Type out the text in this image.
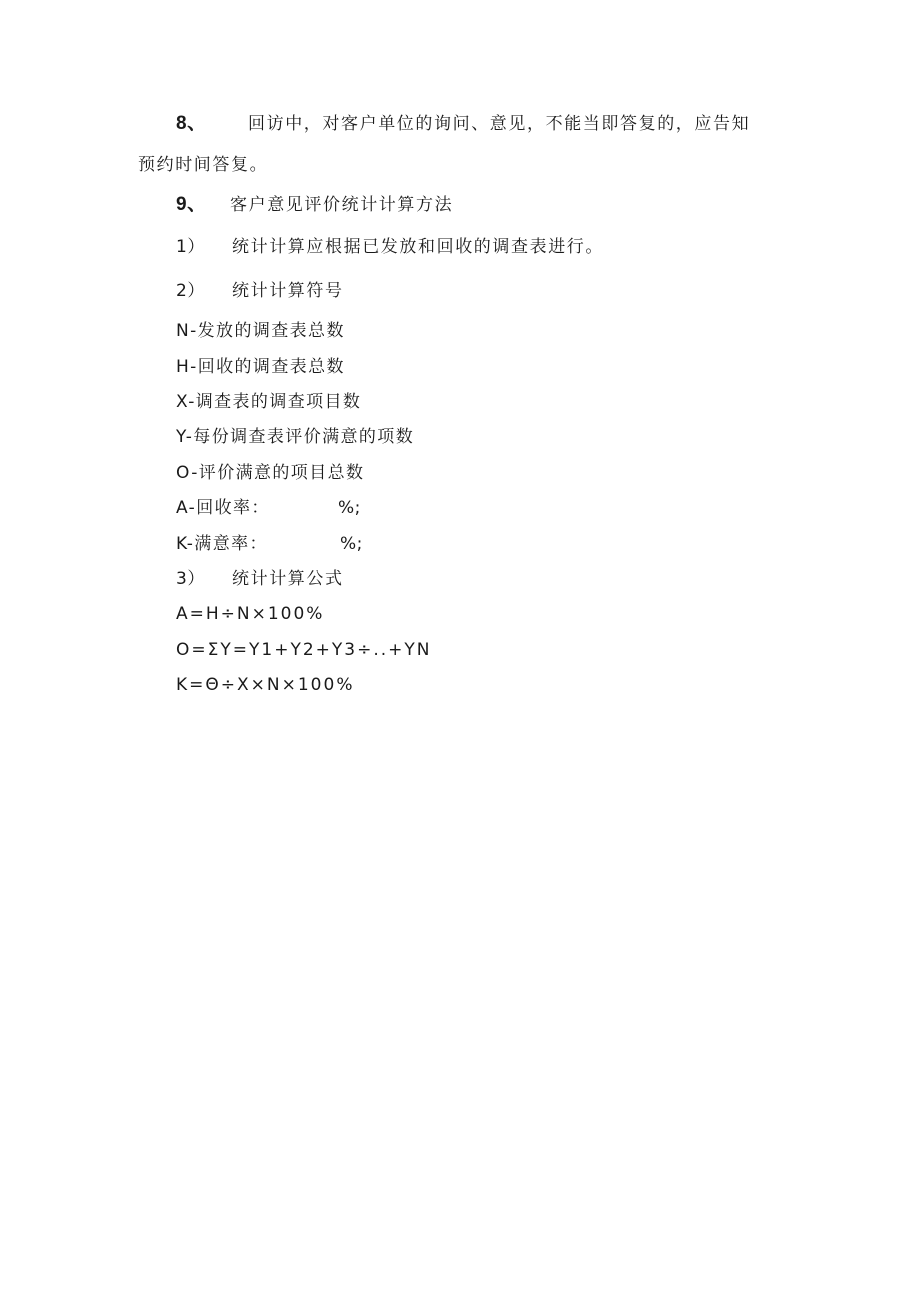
8、 回访中，对客户单位的询问、意见，不能当即答复的，应告知
预约时间答复。
9、 客户意见评价统计计算方法
1） 统计计算应根据已发放和回收的调查表进行。
2） 统计计算符号
N-发放的调查表总数
H-回收的调查表总数
X-调查表的调查项目数
Y-每份调查表评价满意的项数
O-评价满意的项目总数
A-回收率：	%;
K-满意率：	%;
3） 统计计算公式
A=H÷N×100%
O=ΣY=Y1+Y2+Y3÷..+YN
K=Θ÷X×N×100%
